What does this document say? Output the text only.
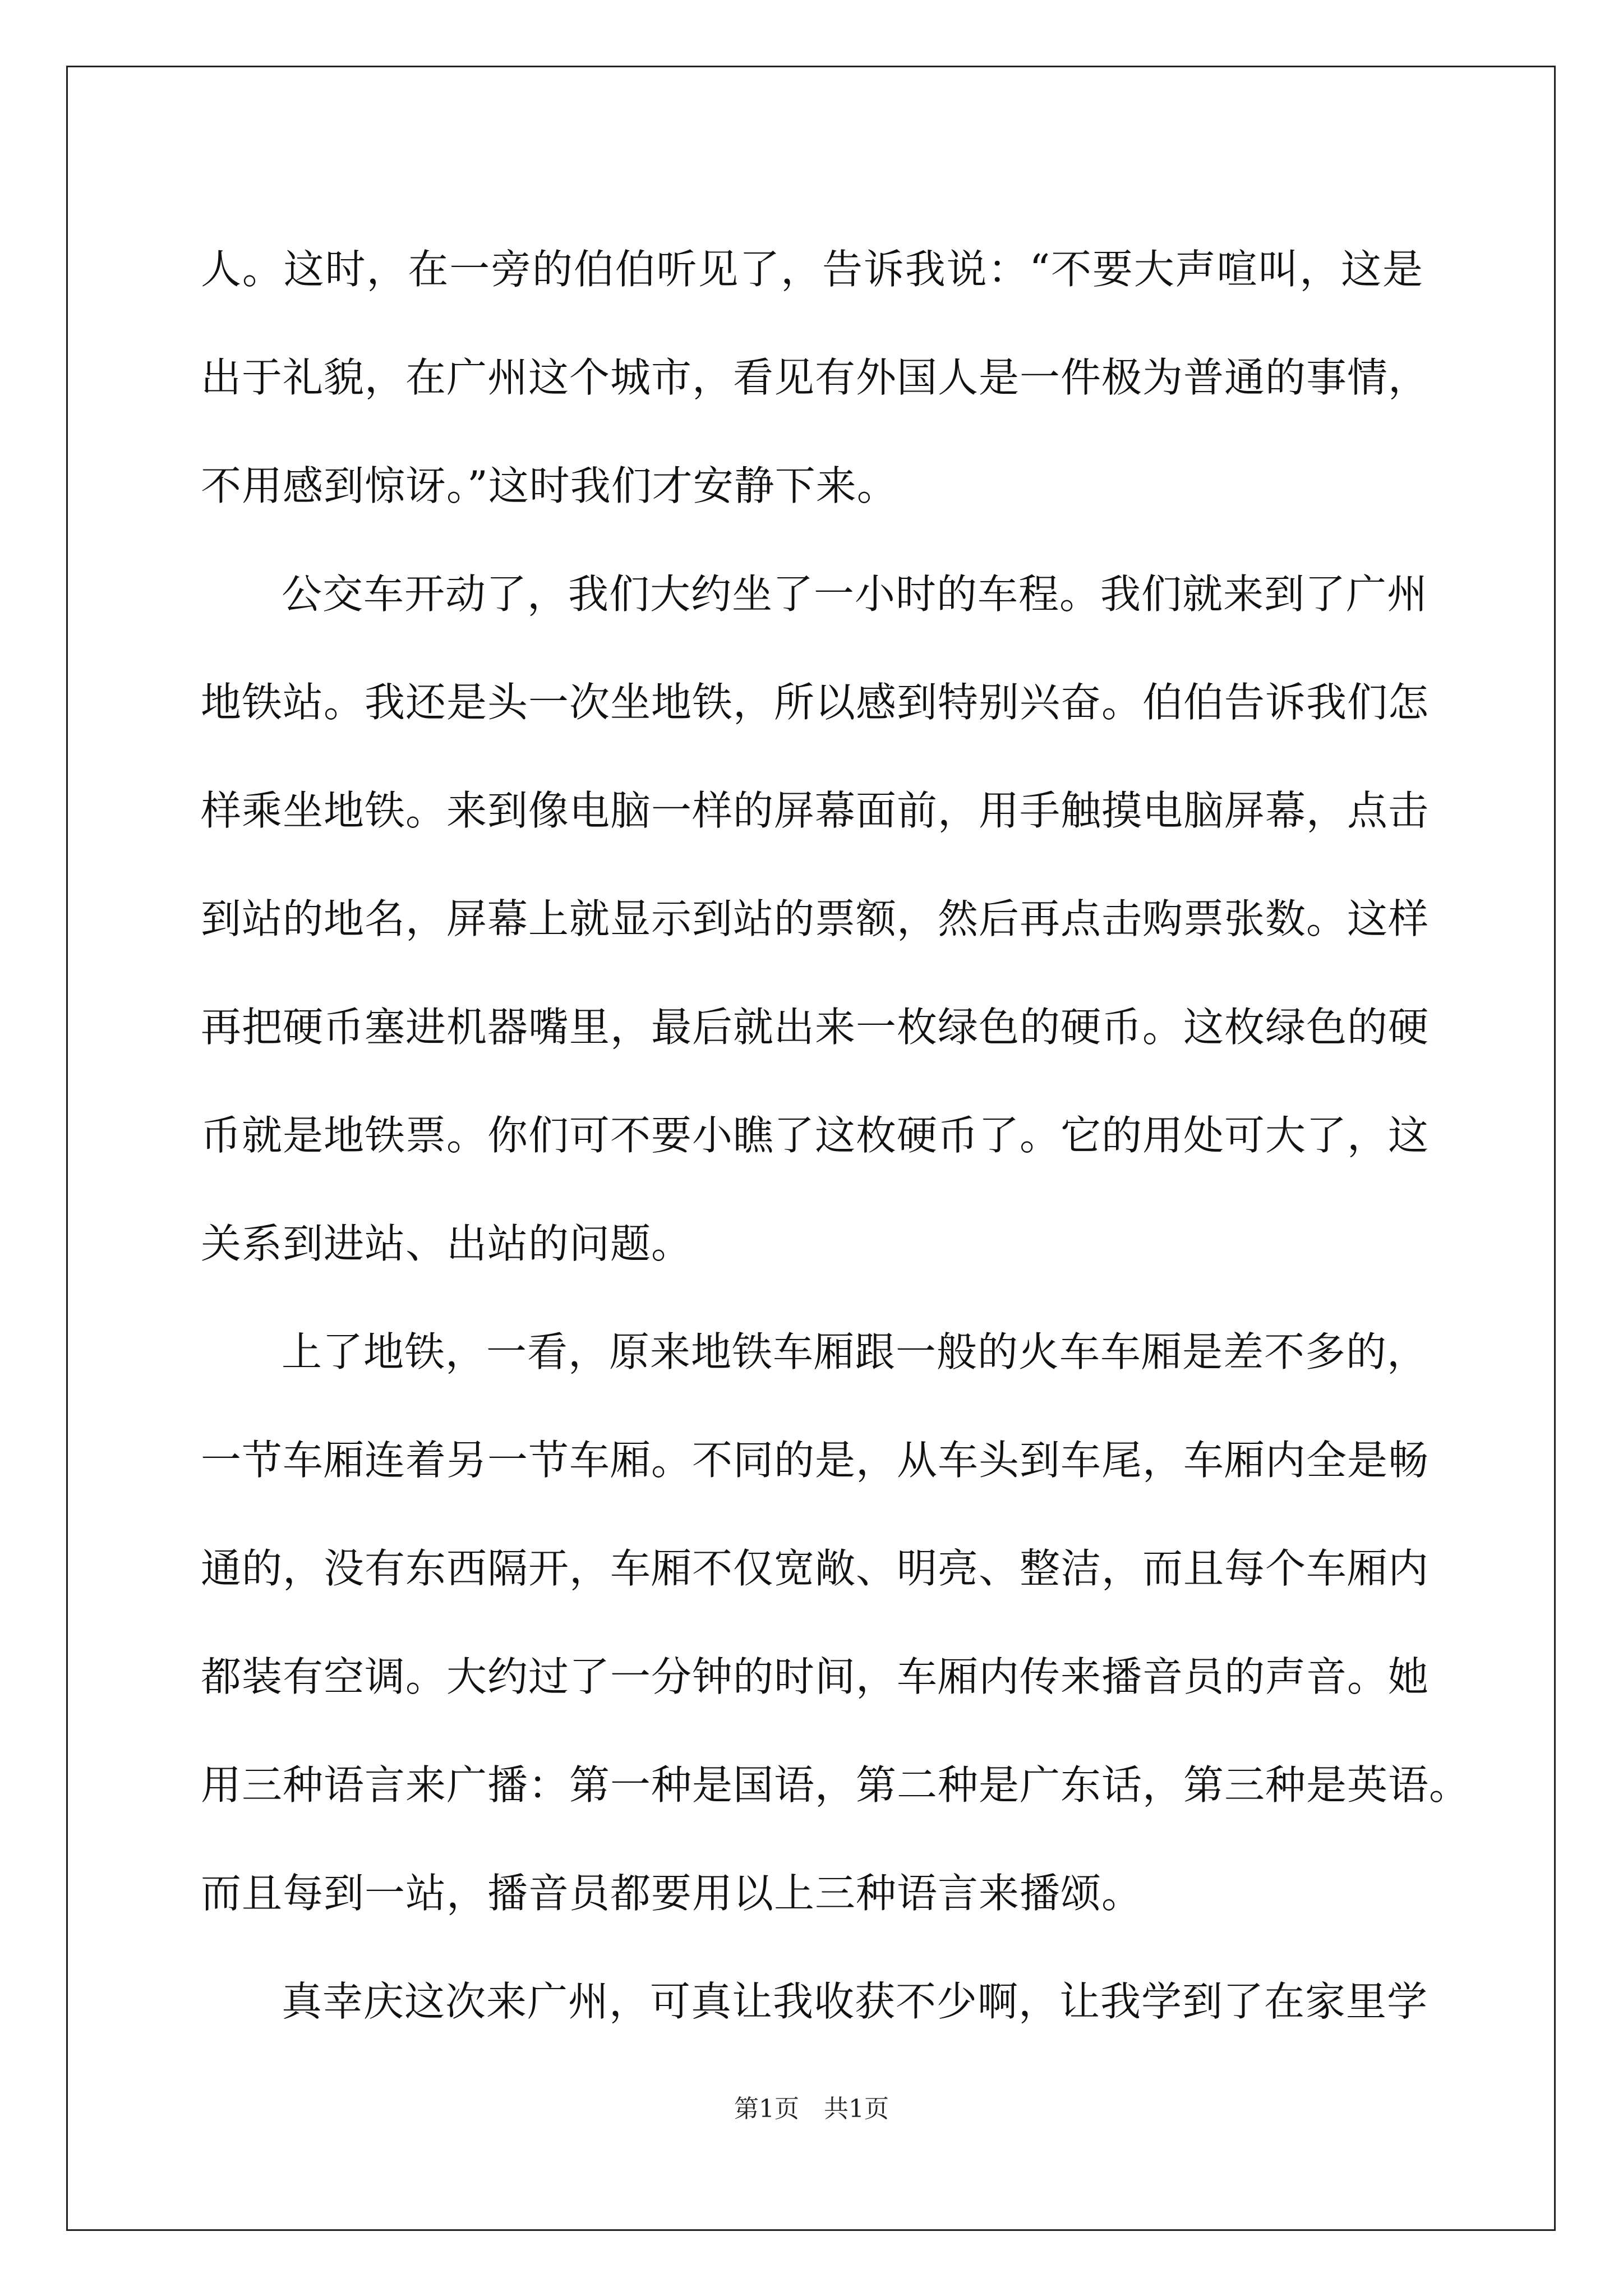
人。这时，在一旁的伯伯听见了，告诉我说：“不要大声喧叫，这是
出于礼貌，在广州这个城市，看见有外国人是一件极为普通的事情，
不用感到惊讶。”这时我们才安静下来。
公交车开动了，我们大约坐了一小时的车程。我们就来到了广州
地铁站。我还是头一次坐地铁，所以感到特别兴奋。伯伯告诉我们怎
样乘坐地铁。来到像电脑一样的屏幕面前，用手触摸电脑屏幕，点击
到站的地名，屏幕上就显示到站的票额，然后再点击购票张数。这样
再把硬币塞进机器嘴里，最后就出来一枚绿色的硬币。这枚绿色的硬
币就是地铁票。你们可不要小瞧了这枚硬币了。它的用处可大了，这
关系到进站、出站的问题。
上了地铁，一看，原来地铁车厢跟一般的火车车厢是差不多的，
一节车厢连着另一节车厢。不同的是，从车头到车尾，车厢内全是畅
通的，没有东西隔开，车厢不仅宽敞、明亮、整洁，而且每个车厢内
都装有空调。大约过了一分钟的时间，车厢内传来播音员的声音。她
用三种语言来广播：第一种是国语，第二种是广东话，第三种是英语。
而且每到一站，播音员都要用以上三种语言来播颂。
真幸庆这次来广州，可真让我收获不少啊，让我学到了在家里学
第1页　共1页
